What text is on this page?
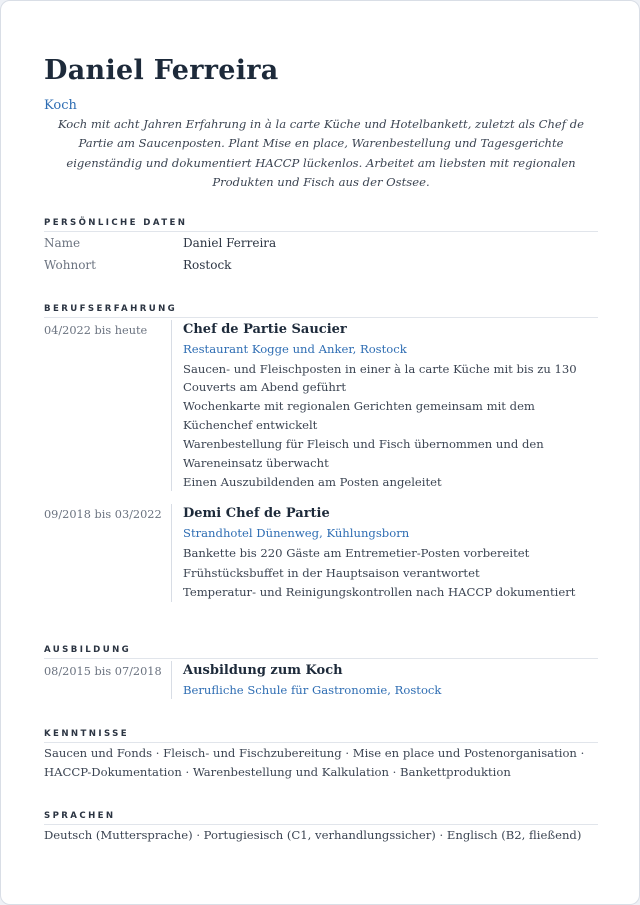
Daniel Ferreira
Koch
Koch mit acht Jahren Erfahrung in à la carte Küche und Hotelbankett, zuletzt als Chef de Partie am Saucenposten. Plant Mise en place, Warenbestellung und Tagesgerichte eigenständig und dokumentiert HACCP lückenlos. Arbeitet am liebsten mit regionalen Produkten und Fisch aus der Ostsee.
PERSÖNLICHE DATEN
Name	Daniel Ferreira
Wohnort	Rostock
BERUFSERFAHRUNG
04/2022 bis heute	Chef de Partie Saucier
Restaurant Kogge und Anker, Rostock
Saucen- und Fleischposten in einer à la carte Küche mit bis zu 130 Couverts am Abend geführt
Wochenkarte mit regionalen Gerichten gemeinsam mit dem Küchenchef entwickelt
Warenbestellung für Fleisch und Fisch übernommen und den Wareneinsatz überwacht
Einen Auszubildenden am Posten angeleitet
09/2018 bis 03/2022	Demi Chef de Partie
Strandhotel Dünenweg, Kühlungsborn
Bankette bis 220 Gäste am Entremetier-Posten vorbereitet
Frühstücksbuffet in der Hauptsaison verantwortet
Temperatur- und Reinigungskontrollen nach HACCP dokumentiert
AUSBILDUNG
08/2015 bis 07/2018	Ausbildung zum Koch
Berufliche Schule für Gastronomie, Rostock
KENNTNISSE
Saucen und Fonds · Fleisch- und Fischzubereitung · Mise en place und Postenorganisation · HACCP-Dokumentation · Warenbestellung und Kalkulation · Bankettproduktion
SPRACHEN
Deutsch (Muttersprache) · Portugiesisch (C1, verhandlungssicher) · Englisch (B2, fließend)
